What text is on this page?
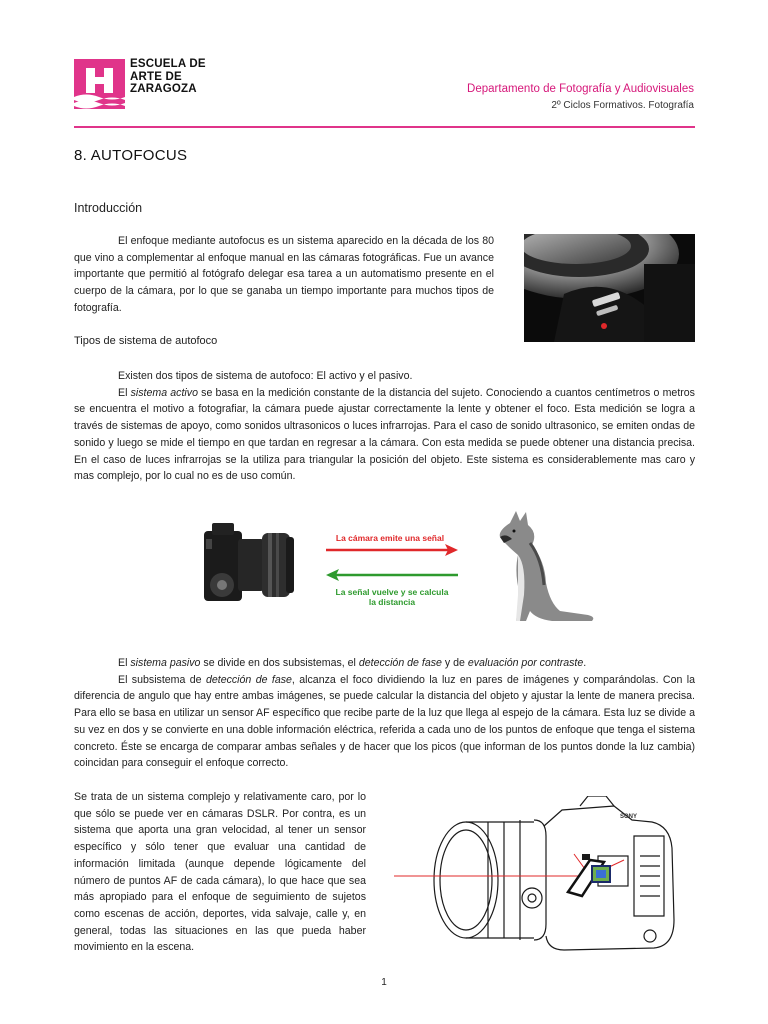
ESCUELA DE
ARTE DE
ZARAGOZA	Departamento de Fotografía y Audiovisuales
2º Ciclos Formativos. Fotografía
8. AUTOFOCUS
Introducción
El enfoque mediante autofocus es un sistema aparecido en la década de los 80 que vino a complementar al enfoque manual en las cámaras fotográficas. Fue un avance importante que permitió al fotógrafo delegar esa tarea a un automatismo presente en el cuerpo de la cámara, por lo que se ganaba un tiempo importante para muchos tipos de fotografía.
Tipos de sistema de autofoco

Existen dos tipos de sistema de autofoco: El activo y el pasivo.

El sistema activo se basa en la medición constante de la distancia del sujeto. Conociendo a cuantos centímetros o metros se encuentra el motivo a fotografiar, la cámara puede ajustar correctamente la lente y obtener el foco. Esta medición se logra a través de sistemas de apoyo, como sonidos ultrasonicos o luces infrarrojas. Para el caso de sonido ultrasonico, se emiten ondas de sonido y luego se mide el tiempo en que tardan en regresar a la cámara. Con esta medida se puede obtener una distancia precisa. En el caso de luces infrarrojas se la utiliza para triangular la posición del objeto. Este sistema es considerablemente mas caro y mas complejo, por lo cual no es de uso común.

La cámara emite una señal
La señal vuelve y se calcula
la distancia

El sistema pasivo se divide en dos subsistemas, el detección de fase y de evaluación por contraste.

El subsistema de detección de fase, alcanza el foco dividiendo la luz en pares de imágenes y comparándolas. Con la diferencia de angulo que hay entre ambas imágenes, se puede calcular la distancia del objeto y ajustar la lente de manera precisa. Para ello se basa en utilizar un sensor AF específico que recibe parte de la luz que llega al espejo de la cámara. Esta luz se divide a su vez en dos y se convierte en una doble información eléctrica, referida a cada uno de los puntos de enfoque que tenga el sistema concreto. Éste se encarga de comparar ambas señales y de hacer que los picos (que informan de los puntos donde la luz cambia) coincidan para conseguir el enfoque correcto.

Se trata de un sistema complejo y relativamente caro, por lo que sólo se puede ver en cámaras DSLR. Por contra, es un sistema que aporta una gran velocidad, al tener un sensor específico y sólo tener que evaluar una cantidad de información limitada (aunque depende lógicamente del número de puntos AF de cada cámara), lo que hace que sea más apropiado para el enfoque de seguimiento de sujetos como escenas de acción, deportes, vida salvaje, calle y, en general, todas las situaciones en las que pueda haber movimiento en la escena.
SONY
1
